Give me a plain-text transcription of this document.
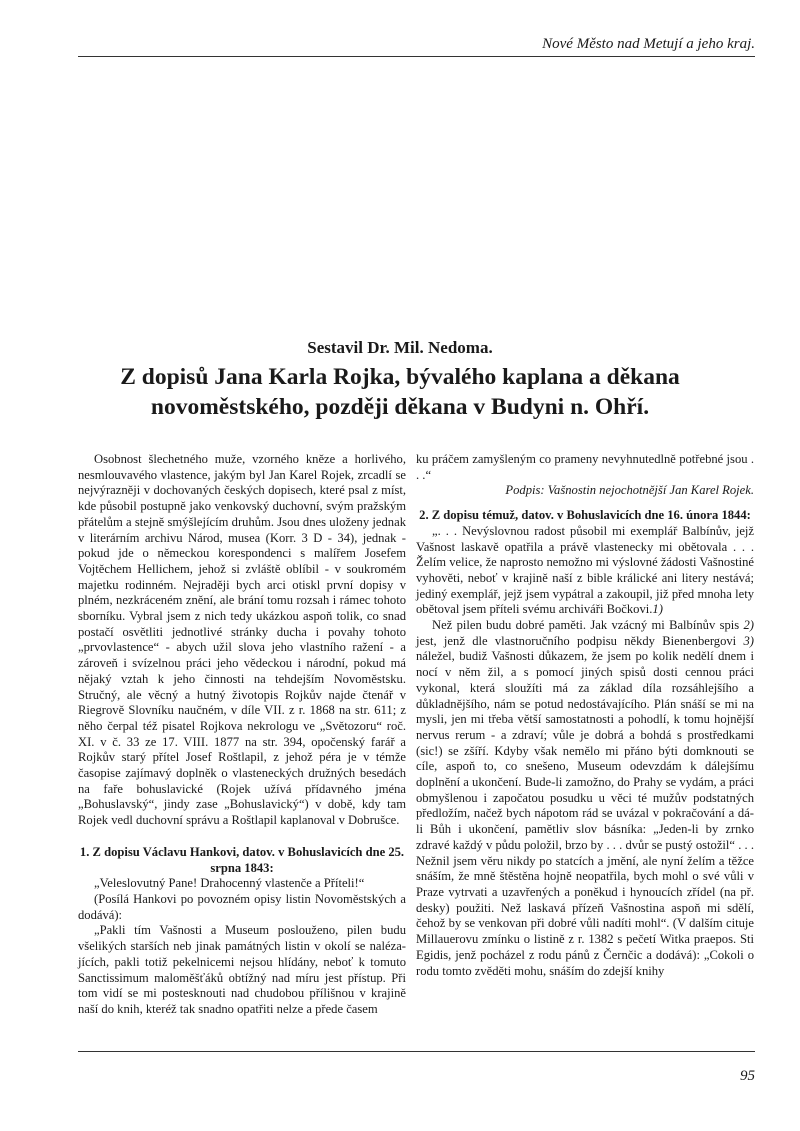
Nové Město nad Metují a jeho kraj.
Sestavil Dr. Mil. Nedoma.
Z dopisů Jana Karla Rojka, bývalého kaplana a děkana
novoměstského, později děkana v Budyni n. Ohří.

Osobnost šlechetného muže, vzorného kněze a horlivého, nesmlouvavého vlastence, jakým byl Jan Karel Rojek, zrcadlí se nejvýrazněji v dochovaných českých dopisech, které psal z míst, kde působil postupně jako venkovský duchovní, svým pražským přátelům a stejně smýšlejícím druhům. Jsou dnes uloženy jednak v literárním archivu Národ, musea (Korr. 3 D - 34), jednak - pokud jde o německou korespondenci s malířem Josefem Vojtěchem Hellichem, jehož si zvláště oblíbil - v soukromém majetku rodinném. Nejraději bych arci otiskl první dopisy v plném, nezkráceném znění, ale brání tomu rozsah i rámec tohoto sborníku. Vybral jsem z nich tedy ukázkou aspoň tolik, co snad postačí osvětliti jednotlivé stránky ducha i povahy tohoto „prvovlastence“ - abych užil slova jeho vlastního ražení - a zároveň i svízelnou práci jeho vědeckou i národní, pokud má nějaký vztah k jeho činnosti na tehdejším Novoměstsku. Stručný, ale věcný a hutný životopis Rojkův najde čtenář v Riegrově Slovníku naučném, v díle VII. z r. 1868 na str. 611; z něho čerpal též pisatel Rojkova nekrologu ve „Světozoru“ roč. XI. v č. 33 ze 17. VIII. 1877 na str. 394, opočenský farář a Rojkův starý přítel Josef Roštlapil, z jehož péra je v témže časopise zajímavý doplněk o vlasteneckých družných besedách na faře bohuslavické (Rojek užívá přídavného jména „Bohuslavský“, jindy zase „Bohuslavický“) v době, kdy tam Rojek vedl duchovní správu a Roštlapil kaplanoval v Dobrušce.

1. Z dopisu Václavu Hankovi, datov. v Bohuslavicích dne 25. srpna 1843:

„Veleslovutný Pane! Drahocenný vlastenče a Příteli!“

(Posílá Hankovi po povozném opisy listin Novoměstských a dodává):

„Pakli tím Vašnosti a Museum poslouženo, pilen budu všelikých starších neb jinak památných listin v okolí se nalézajících, pakli totiž pekelnicemi nejsou hlídány, neboť k tomuto Sanctissimum maloměšťáků obtížný nad míru jest přístup. Při tom vidí se mi postesknouti nad chudobou přílišnou v krajině naší do knih, kteréž tak snadno opatřiti nelze a přede časem

ku práčem zamyšleným co prameny nevyhnutedlně potřebné jsou . . .“

Podpis: Vašnostin nejochotnější Jan Karel Rojek.

2. Z dopisu témuž, datov. v Bohuslavicích dne 16. února 1844:

„. . . Nevýslovnou radost působil mi exemplář Balbínův, jejž Vašnost laskavě opatřila a právě vlastenecky mi obětovala . . . Želím velice, že naprosto nemožno mi výslovné žádosti Vašnostiné vyhověti, neboť v krajině naší z bible králické ani litery nestává; jediný exemplář, jejž jsem vypátral a zakoupil, již před mnoha lety obětoval jsem příteli svému archiváři Bočkovi.1)

Než pilen budu dobré paměti. Jak vzácný mi Balbínův spis 2) jest, jenž dle vlastnoručního podpisu někdy Bienenbergovi 3) náležel, budiž Vašnosti důkazem, že jsem po kolik nedělí dnem i nocí v něm žil, a s pomocí jiných spisů dosti cennou práci vykonal, která sloužíti má za základ díla rozsáhlejšího a důkladnějšího, nám se potud nedostávajícího. Plán snáší se mi na mysli, jen mi třeba větší samostatnosti a pohodlí, k tomu hojnější nervus rerum - a zdraví; vůle je dobrá a bohdá s prostředkami (sic!) se zšíří. Kdyby však nemělo mi přáno býti domknouti se cíle, aspoň to, co snešeno, Museum odevzdám k dálejšímu doplnění a ukončení. Bude-li zamožno, do Prahy se vydám, a práci obmyšlenou i započatou posudku u věci té mužův podstatných předložím, načež bych nápotom rád se uvázal v pokračování a dá-li Bůh i ukončení, pamětliv slov básníka: „Jeden-li by zrnko zdravé každý v půdu položil, brzo by . . . dvůr se pustý ostožil“ . . . Nežnil jsem věru nikdy po statcích a jmění, ale nyní želím a těžce snáším, že mně štěstěna hojně neopatřila, bych mohl o své vůli v Praze vytrvati a uzavřených a poněkud i hynoucích zřídel (na př. desky) použiti. Než laskavá přízeň Vašnostina aspoň mi sdělí, čehož by se venkovan při dobré vůli nadíti mohl“. (V dalším cituje Millauerovu zmínku o listině z r. 1382 s pečetí Witka praepos. Sti Egidis, jenž pocházel z rodu pánů z Černčic a dodává): „Cokoli o rodu tomto zvěděti mohu, snáším do zdejší knihy

95
